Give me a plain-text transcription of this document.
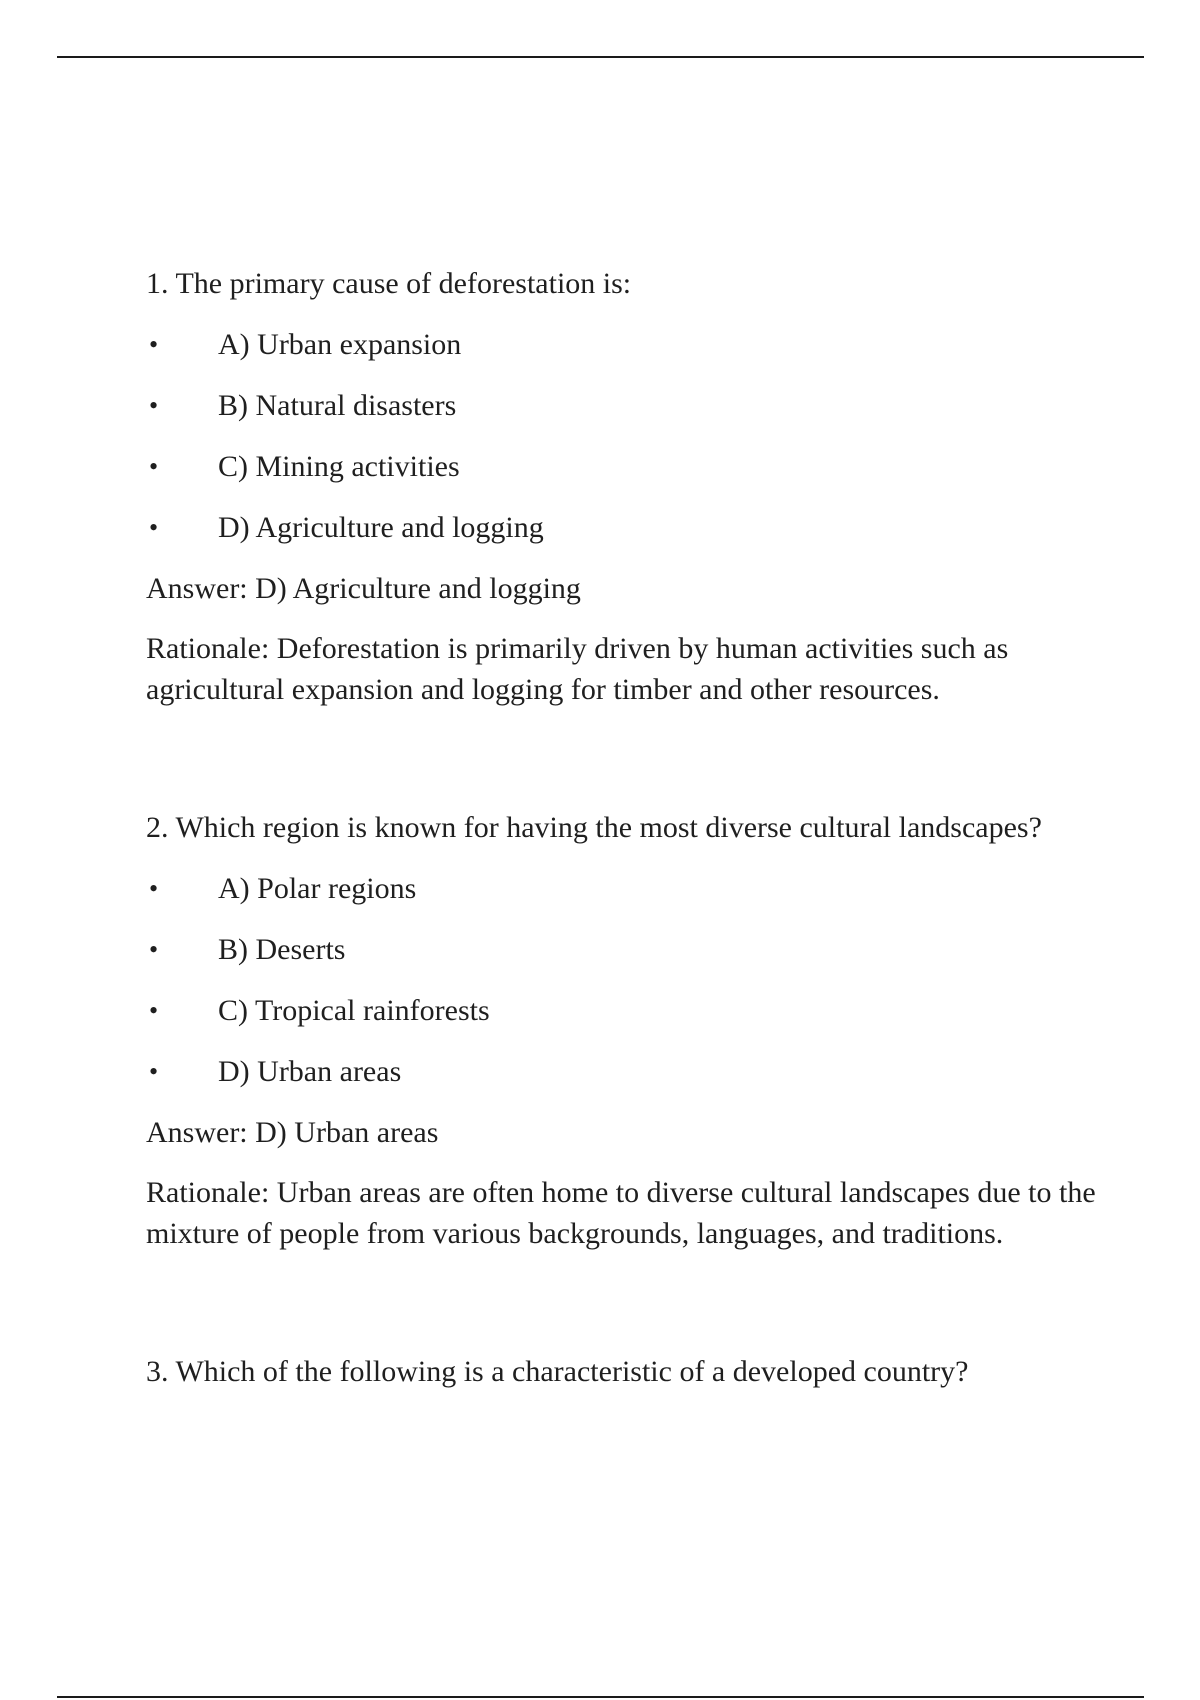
1. The primary cause of deforestation is:

•	A) Urban expansion
•	B) Natural disasters
•	C) Mining activities
•	D) Agriculture and logging

Answer: D) Agriculture and logging

Rationale: Deforestation is primarily driven by human activities such as agricultural expansion and logging for timber and other resources.

2. Which region is known for having the most diverse cultural landscapes?

•	A) Polar regions
•	B) Deserts
•	C) Tropical rainforests
•	D) Urban areas

Answer: D) Urban areas

Rationale: Urban areas are often home to diverse cultural landscapes due to the mixture of people from various backgrounds, languages, and traditions.

3. Which of the following is a characteristic of a developed country?
